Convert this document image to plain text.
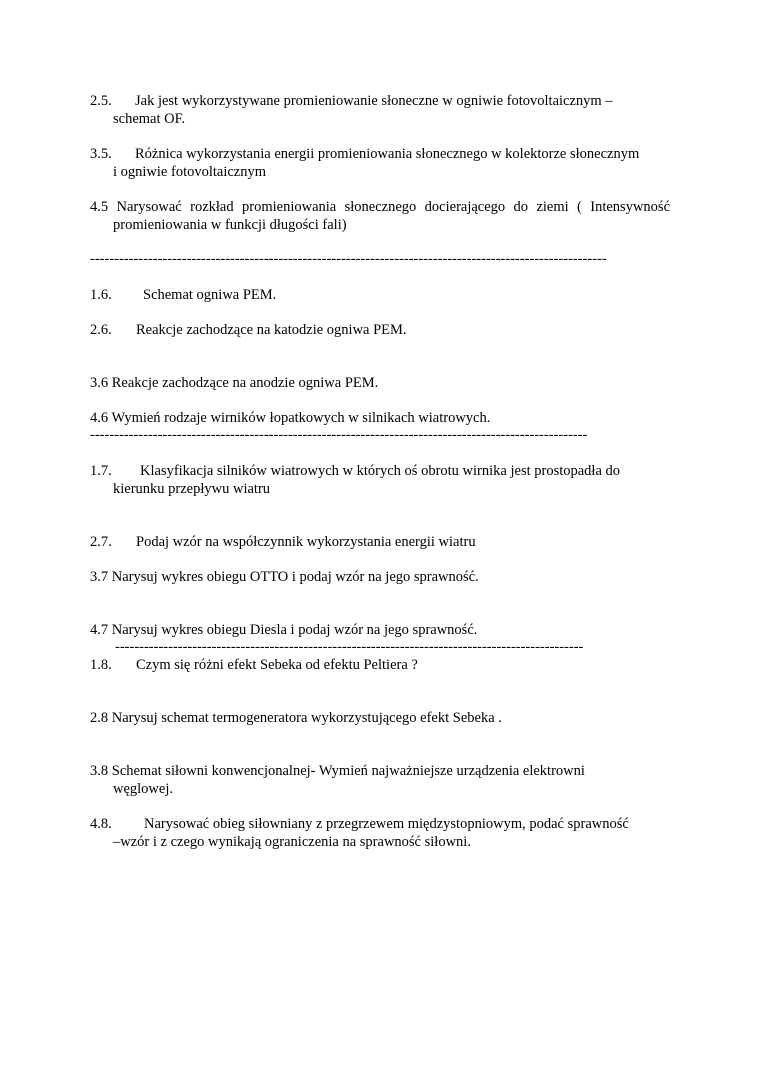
2.5. Jak jest wykorzystywane promieniowanie słoneczne w ogniwie fotovoltaicznym –
schemat OF.
3.5. Różnica wykorzystania energii promieniowania słonecznego w kolektorze słonecznym
i ogniwie fotovoltaicznym
4.5 Narysować rozkład promieniowania słonecznego docierającego do ziemi ( Intensywność
promieniowania w funkcji długości fali)
-----------------------------------------------------------------------------------------------------------
1.6. Schemat ogniwa PEM.
2.6. Reakcje zachodzące na katodzie ogniwa PEM.
3.6 Reakcje zachodzące na anodzie ogniwa PEM.
4.6 Wymień rodzaje wirników łopatkowych w silnikach wiatrowych.
-------------------------------------------------------------------------------------------------------
1.7. Klasyfikacja silników wiatrowych w których oś obrotu wirnika jest prostopadła do
kierunku przepływu wiatru
2.7. Podaj wzór na współczynnik wykorzystania energii wiatru
3.7 Narysuj wykres obiegu OTTO i podaj wzór na jego sprawność.
4.7 Narysuj wykres obiegu Diesla i podaj wzór na jego sprawność.
-------------------------------------------------------------------------------------------------
1.8. Czym się różni efekt Sebeka od efektu Peltiera ?
2.8 Narysuj schemat termogeneratora wykorzystującego efekt Sebeka .
3.8 Schemat siłowni konwencjonalnej- Wymień najważniejsze urządzenia elektrowni
węglowej.
4.8. Narysować obieg siłowniany z przegrzewem międzystopniowym, podać sprawność
–wzór i z czego wynikają ograniczenia na sprawność siłowni.
